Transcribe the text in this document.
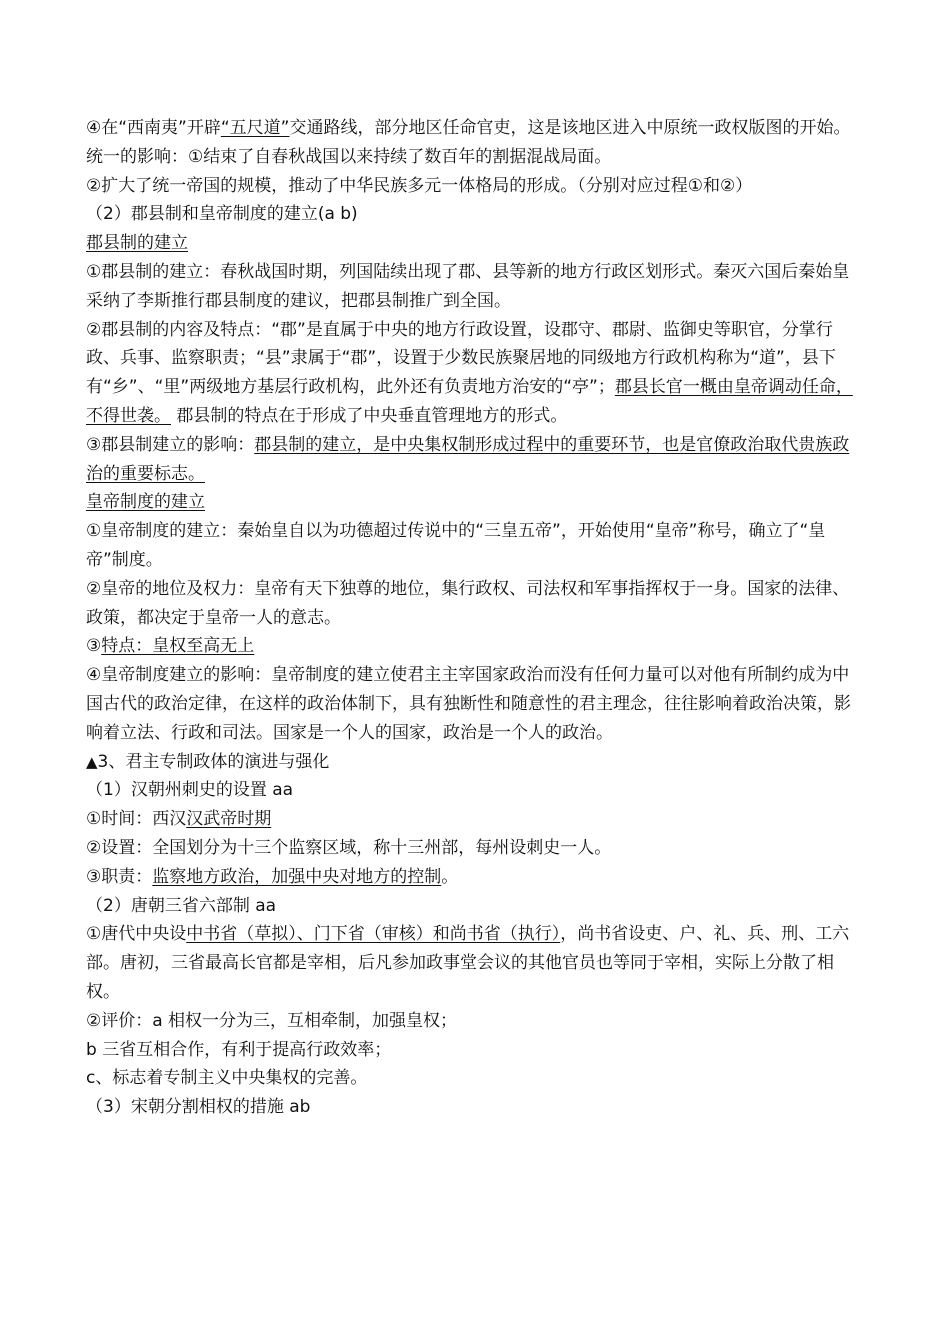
④在“西南夷”开辟“五尺道”交通路线，部分地区任命官吏，这是该地区进入中原统一政权版图的开始。

统一的影响：①结束了自春秋战国以来持续了数百年的割据混战局面。

②扩大了统一帝国的规模，推动了中华民族多元一体格局的形成。（分别对应过程①和②）

（2）郡县制和皇帝制度的建立(a b)

郡县制的建立

①郡县制的建立：春秋战国时期，列国陆续出现了郡、县等新的地方行政区划形式。秦灭六国后秦始皇采纳了李斯推行郡县制度的建议，把郡县制推广到全国。

②郡县制的内容及特点：“郡”是直属于中央的地方行政设置，设郡守、郡尉、监御史等职官，分掌行政、兵事、监察职责；“县”隶属于“郡”，设置于少数民族聚居地的同级地方行政机构称为“道”，县下有“乡”、“里”两级地方基层行政机构，此外还有负责地方治安的“亭”；郡县长官一概由皇帝调动任命，不得世袭。 郡县制的特点在于形成了中央垂直管理地方的形式。

③郡县制建立的影响：郡县制的建立，是中央集权制形成过程中的重要环节，也是官僚政治取代贵族政治的重要标志。

皇帝制度的建立

①皇帝制度的建立：秦始皇自以为功德超过传说中的“三皇五帝”，开始使用“皇帝”称号，确立了“皇帝”制度。

②皇帝的地位及权力：皇帝有天下独尊的地位，集行政权、司法权和军事指挥权于一身。国家的法律、政策，都决定于皇帝一人的意志。

③特点：皇权至高无上

④皇帝制度建立的影响：皇帝制度的建立使君主主宰国家政治而没有任何力量可以对他有所制约成为中国古代的政治定律，在这样的政治体制下，具有独断性和随意性的君主理念，往往影响着政治决策，影响着立法、行政和司法。国家是一个人的国家，政治是一个人的政治。

▲3、君主专制政体的演进与强化

（1）汉朝州刺史的设置 aa

①时间：西汉汉武帝时期

②设置：全国划分为十三个监察区域，称十三州部，每州设刺史一人。

③职责：监察地方政治，加强中央对地方的控制。

（2）唐朝三省六部制 aa

①唐代中央设中书省（草拟）、门下省（审核）和尚书省（执行），尚书省设吏、户、礼、兵、刑、工六部。唐初，三省最高长官都是宰相，后凡参加政事堂会议的其他官员也等同于宰相，实际上分散了相权。

②评价：a 相权一分为三，互相牵制，加强皇权；

b 三省互相合作，有利于提高行政效率；

c、标志着专制主义中央集权的完善。

（3）宋朝分割相权的措施 ab
